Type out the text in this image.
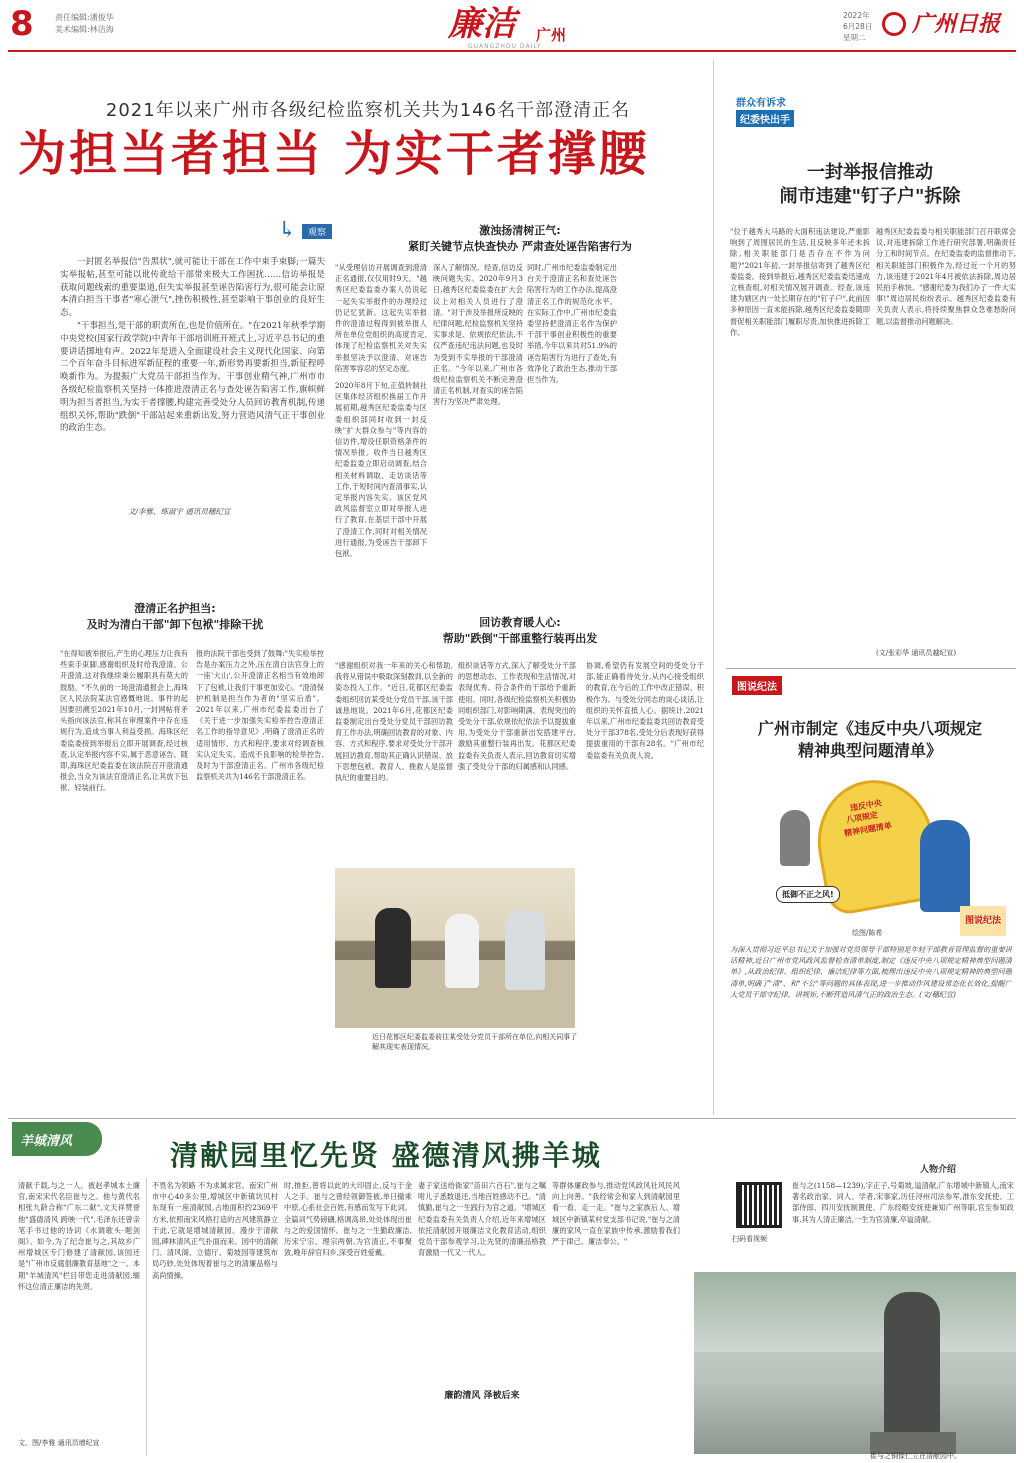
8	责任编辑:潘俊华
美术编辑:林洁海	廉洁 广州
GUANGZHOU DAILY
2022年
6月28日
星期二
广州日报
2021年以来广州市各级纪检监察机关共为146名干部澄清正名
为担当者担当 为实干者撑腰
↳	观察

一封匿名举报信"告黑状",就可能让干部在工作中束手束脚;一篇失实举报帖,甚至可能以讹传讹给干部带来极大工作困扰……信访举报是获取问题线索的重要渠道,但失实举报甚至诬告陷害行为,很可能会让原本清白担当干事者"寒心泄气",挫伤积极性,甚至影响干事创业的良好生态。

"干事担当,是干部的职责所在,也是价值所在。"在2021年秋季学期中央党校(国家行政学院)中青年干部培训班开班式上,习近平总书记的重要讲话掷地有声。2022年是进入全面建设社会主义现代化国家、向第二个百年奋斗目标进军新征程的重要一年,新形势再要新担当,新征程呼唤新作为。为提振广大党员干部担当作为、干事创业精气神,广州市市各级纪检监察机关坚持一体推进澄清正名与查处诬告陷害工作,旗帜鲜明为担当者担当,为实干者撑腰,构建完善受处分人员回访教育机制,传递组织关怀,帮助"跌倒"干部站起来重新出发,努力营造风清气正干事创业的政治生态。

文/李雅、练淑宇 通讯员穗纪宣
激浊扬清树正气:
紧盯关键节点快查快办 严肃查处诬告陷害行为
"从受理信访开展调查到澄清正名通报,仅仅用时9天。"越秀区纪委监委办案人员说起一起失实举报件的办理经过仍记忆犹新。这起失实举报件的澄清过程得到被举报人所在单位党组织的高度肯定,体现了纪检监察机关对失实举报坚决予以澄清、对诬告陷害零容忍的坚定态度。
2020年8月下旬,正值转制社区集体经济组织换届工作开展初期,越秀区纪委监委与区委组织部同时收到一封反映"扩大群众参与"等内容的信访件,增设任职资格条件的情况举报。收件当日越秀区纪委监委立即启动调查,结合相关材料调取、走访谈话等工作,于短时间内查清事实,认定举报内容失实。该区党风政风监督室立即对举报人进行了教育,在基层干部中开展了澄清工作,同时对相关情况进行通报,为受诬告干部卸下包袱。
深入了解情况。经查,信访反映问题失实。2020年9月3日,越秀区纪委监委在扩大会议上对相关人员进行了澄清。"对于涉及举报所反映的纪律问题,纪检监察机关坚持实事求是、依规依纪依法,不仅严查违纪违法问题,也及时为受到不实举报的干部澄清正名。"今年以来,广州市各级纪检监察机关不断完善澄清正名机制,对查实的诬告陷害行为坚决严肃处理。
同时,广州市纪委监委制定出台关于澄清正名和查处诬告陷害行为的工作办法,提高澄清正名工作的规范化水平。在实际工作中,广州市纪委监委坚持把澄清正名作为保护干部干事创业积极性的重要举措,今年以来共对51.9%的诬告陷害行为进行了查处,有效净化了政治生态,推动干部担当作为。
澄清正名护担当:
及时为清白干部"卸下包袱"排除干扰
"在得知被举报后,产生的心理压力让我有些束手束脚,感谢组织及时给我澄清、公开澄清,这对我继续秉公履职具有莫大的鼓励。"不久前的一场澄清通报会上,海珠区人民法院某法官感慨地说。事件的起因要回溯至2021年10月,一封网帖将矛头指向该法官,称其在审理案件中存在违规行为,造成当事人利益受损。海珠区纪委监委接到举报后立即开展调查,经过核查,认定举报内容不实,属于恶意诬告。随即,海珠区纪委监委在该法院召开澄清通报会,当众为该法官澄清正名,让其放下包袱、轻装前行。
报的法院干部也受到了鼓舞:"失实检举控告是办案压力之外,压在清白法官身上的一座'大山',公开澄清正名相当有效地卸下了包袱,让我们干事更加安心。"澄清保护机制是担当作为者的"坚实后盾"。2021年以来,广州市纪委监委出台了《关于进一步加强失实检举控告澄清正名工作的指导意见》,明确了澄清正名的适用情形、方式和程序,要求对经调查核实认定失实、造成不良影响的检举控告,及时为干部澄清正名。广州市各级纪检监察机关共为146名干部澄清正名。
回访教育暖人心:
帮助"跌倒"干部重整行装再出发
"感谢组织对我一年来的关心和帮助,我将从错误中吸取深刻教训,以全新的姿态投入工作。"近日,花都区纪委监委组织回访某受处分党员干部,该干部诚恳地说。2021年6月,花都区纪委监委制定出台受处分党员干部回访教育工作办法,明确回访教育的对象、内容、方式和程序,要求对受处分干部开展回访教育,帮助其正确认识错误、放下思想包袱。教育人、挽救人是监督执纪的重要目的。
组织谈话等方式,深入了解受处分干部的思想动态、工作表现和生活情况,对表现优秀、符合条件的干部给予重新使用。同时,各级纪检监察机关积极协同组织部门,对影响期满、表现突出的受处分干部,依规依纪依法予以提拔重用,为受处分干部重新出发搭建平台,激励其重整行装再出发。花都区纪委监委有关负责人表示,回访教育切实增强了受处分干部的归属感和认同感。
协调,希望仍有发展空间的受处分干部,能正确看待处分,从内心接受组织的教育,在今后的工作中改正错误、积极作为。与受处分同志的谈心谈话,让组织的关怀直抵人心。据统计,2021年以来,广州市纪委监委共回访教育受处分干部378名,受处分后表现好获得提拔重用的干部有28名。"广州市纪委监委有关负责人说。
近日花都区纪委监委前往某受处分党员干部所在单位,向相关同事了解其现实表现情况。
群众有诉求
纪委快出手
一封举报信推动
闹市违建"钉子户"拆除
"位于越秀大马路的大面积违法建设,严重影响到了周围居民的生活,且反映多年还未拆除,相关职能部门是否存在不作为问题?"2021年初,一封举报信寄到了越秀区纪委监委。接到举报后,越秀区纪委监委迅速成立核查组,对相关情况展开调查。经查,该违建为辖区内一处长期存在的"钉子户",此前因多种原因一直未能拆除,越秀区纪委监委随即督促相关职能部门履职尽责,加快推进拆除工作。
越秀区纪委监委与相关职能部门召开联席会议,对违建拆除工作进行研究部署,明确责任分工和时间节点。在纪委监委的监督推动下,相关职能部门积极作为,经过近一个月的努力,该违建于2021年4月被依法拆除,周边居民拍手称快。"感谢纪委为我们办了一件大实事!"周边居民纷纷表示。越秀区纪委监委有关负责人表示,将持续聚焦群众急难愁盼问题,以监督推动问题解决。
(文/张彩华 通讯员越纪宣)
图说纪法
广州市制定《违反中央八项规定
精神典型问题清单》
违反中央
八项规定
精神问题清单
抵御不正之风!
绘图/陈希
图说纪法
为深入贯彻习近平总书记关于加强对党员领导干部特别是年轻干部教育管理监督的重要讲话精神,近日广州市党风政风监督检查清单制度,制定《违反中央八项规定精神典型问题清单》,从政治纪律、组织纪律、廉洁纪律等方面,梳理出违反中央八项规定精神的典型问题清单,明确了"清"、和"不公"等问题的具体表现,进一步推动作风建设常态化长效化,提醒广大党员干部守纪律、讲规矩,不断营造风清气正的政治生态。(文/穗纪宣)
羊城清风	清献园里忆先贤 盛德清风拂羊城
清献千载,与之一人。被赵孝城本土廉官,南宋宋代名臣崔与之。他与黄代名相张九龄合称"广东二献",文天祥赞誉他"盛德清风 跨映一代",毛泽东还曾亲笔手书过他的诗词《水调歌头·题剑阁》。如今,为了纪念崔与之,其故乡广州增城区专门修建了清献园,该园还是"广州市反腐倡廉教育基地"之一。本期"羊城清风"栏目带您走进清献园,缅怀这位清正廉洁的先贤。
文、图/李雅 通讯员增纪宣
不畏名为领路 不为求属求官。南宋广州市中心40多公里,增城区中新镇坑贝村东现有一座清献园,占地面积约2369平方米,依照南宋风格打造的古风建筑静立于此,它就是增城清献园。漫步于清献园,碑林清风正气扑面而来。园中的清献门、清风阁、立德厅、菊坡园等建筑布局巧妙,处处体现着崔与之的清廉品格与高尚情操。
时,推拒,曾将以此的大印固止,反与于金人之手。崔与之曾经领御签被,单日撤乘中原,心系社会百姓,有感而发写下此词。全篇词气势磅礴,格调高昂,处处体现出崔与之的爱国情怀。崔与之一生勤政廉洁,历宋宁宗、理宗两朝,为官清正,不事聚敛,晚年辞官归乡,深受百姓爱戴。
妻子家送给衙家"苗田六百石",崔与之嘱咐儿子悉数退还,当地百姓感动不已。"清慎勤,崔与之一生践行为官之道。"增城区纪委监委有关负责人介绍,近年来增城区依托清献园开展廉洁文化教育活动,组织党员干部参观学习,让先贤的清廉品格教育激励一代又一代人。
廉韵清风 泽被后来
等群体廉政参与,推动党风政风社风民风向上向善。"我经常会和家人到清献园里看一看、走一走。"崔与之家族后人、增城区中新镇某村党支部书记说,"崔与之清廉的家风一直在家族中传承,激励着我们严于律己、廉洁奉公。"
人物介绍
扫码看视频
崔与之(1158—1239),字正子,号菊坡,谥清献,广东增城中新镇人,南宋著名政治家、词人、学者,宋事家,历任浔州司法参军,淮东安抚使、工部侍郎、四川安抚制置使、广东经略安抚使兼知广州等职,官至参知政事,其为人清正廉洁,一生为官清廉,卒谥清献。
崔与之铜像伫立在清献园中。
